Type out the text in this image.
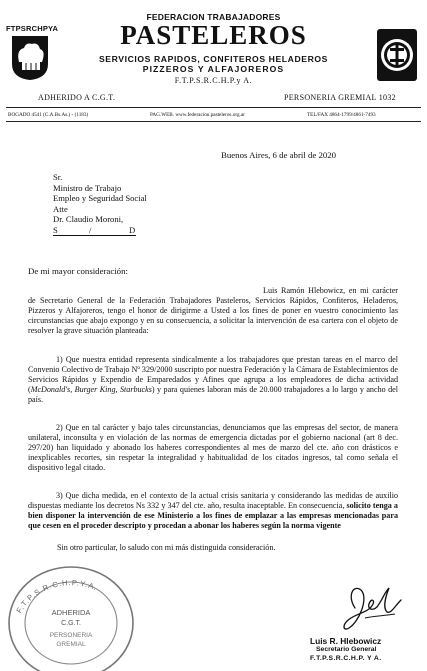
FEDERACION TRABAJADORES
PASTELEROS
SERVICIOS RAPIDOS, CONFITEROS HELADEROS
PIZZEROS Y ALFAJOREROS
F.T.P.S.R.C.H.P.y A.
FTPSRCHPYA
ADHERIDO A C.G.T.	PERSONERIA GREMIAL 1032
BOGADO 4541 (C.A.Bs.As.) - (1183)	PAG.WEB. www.federacion.pasteleros.org.ar	TEL/FAX 4864-1799/4861-7493
Buenos Aires, 6 de abril de 2020
Sr.
Ministro de Trabajo
Empleo y Seguridad Social
Atte
Dr. Claudio Moroni,
S	/	D
De mi mayor consideración:
Luis Ramón Hlebowicz, en mi carácter de Secretario General de la Federación Trabajadores Pasteleros, Servicios Rápidos, Confiteros, Heladeros, Pizzeros y Alfajoreros, tengo el honor de dirigirme a Usted a los fines de poner en vuestro conocimiento las circunstancias que abajo expongo y en su consecuencia, a solicitar la intervención de esa cartera con el objeto de resolver la grave situación planteada:
1) Que nuestra entidad representa sindicalmente a los trabajadores que prestan tareas en el marco del Convenio Colectivo de Trabajo Nº 329/2000 suscripto por nuestra Federación y la Cámara de Establecimientos de Servicios Rápidos y Expendio de Emparedados y Afines que agrupa a los empleadores de dicha actividad (McDonald's, Burger King, Starbucks) y para quienes laboran más de 20.000 trabajadores a lo largo y ancho del país.
2) Que en tal carácter y bajo tales circunstancias, denunciamos que las empresas del sector, de manera unilateral, inconsulta y en violación de las normas de emergencia dictadas por el gobierno nacional (art 8 dec. 297/20) han liquidado y abonado los haberes correspondientes al mes de marzo del cte. año con drásticos e inexplicables recortes, sin respetar la integralidad y habitualidad de los citados ingresos, tal como señala el dispositivo legal citado.
3) Que dicha medida, en el contexto de la actual crisis sanitaria y considerando las medidas de auxilio dispuestas mediante los decretos Ns 332 y 347 del cte. año, resulta inaceptable. En consecuencia, solicito tenga a bien disponer la intervención de ese Ministerio a los fines de emplazar a las empresas mencionadas para que cesen en el proceder descripto y procedan a abonar los haberes según la norma vigente
Sin otro particular, lo saludo con mi más distinguida consideración.
F.T.P.S.R.C.H.P.Y.A.
ADHERIDA
C.G.T.
PERSONERIA
GREMIAL	Luis R. Hlebowicz
Secretario General
F.T.P.S.R.C.H.P. Y A.
